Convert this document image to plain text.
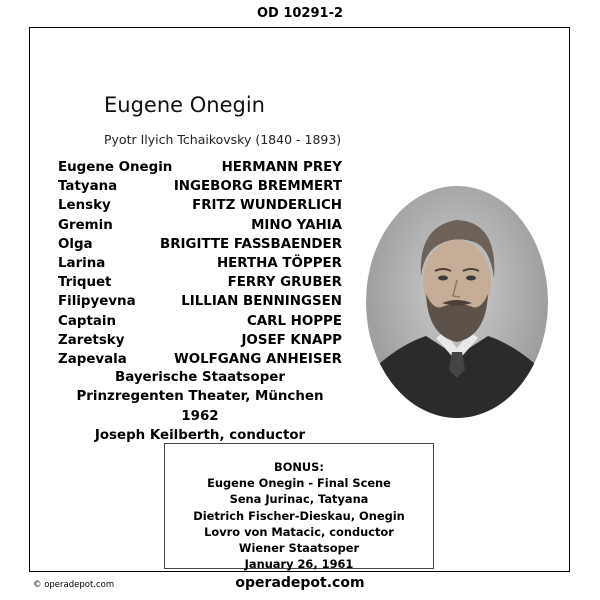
OD 10291-2
Eugene Onegin
Pyotr Ilyich Tchaikovsky (1840 - 1893)
Eugene Onegin	HERMANN PREY
Tatyana	INGEBORG BREMMERT
Lensky	FRITZ WUNDERLICH
Gremin	MINO YAHIA
Olga	BRIGITTE FASSBAENDER
Larina	HERTHA TÖPPER
Triquet	FERRY GRUBER
Filipyevna	LILLIAN BENNINGSEN
Captain	CARL HOPPE
Zaretsky	JOSEF KNAPP
Zapevala	WOLFGANG ANHEISER
Bayerische Staatsoper
Prinzregenten Theater, München
1962
Joseph Keilberth, conductor
BONUS:
Eugene Onegin - Final Scene
Sena Jurinac, Tatyana
Dietrich Fischer-Dieskau, Onegin
Lovro von Matacic, conductor
Wiener Staatsoper
January 26, 1961
© operadepot.com	operadepot.com
